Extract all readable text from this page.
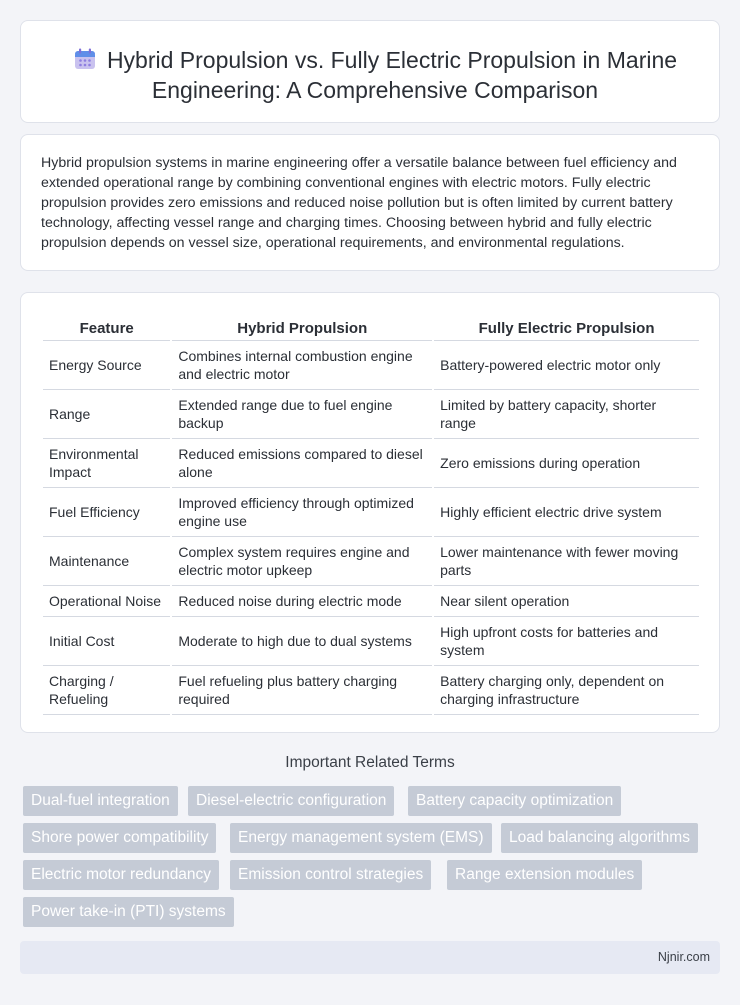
Hybrid Propulsion vs. Fully Electric Propulsion in Marine Engineering: A Comprehensive Comparison

Hybrid propulsion systems in marine engineering offer a versatile balance between fuel efficiency and extended operational range by combining conventional engines with electric motors. Fully electric propulsion provides zero emissions and reduced noise pollution but is often limited by current battery technology, affecting vessel range and charging times. Choosing between hybrid and fully electric propulsion depends on vessel size, operational requirements, and environmental regulations.

Feature	Hybrid Propulsion	Fully Electric Propulsion
Energy Source	Combines internal combustion engine and electric motor	Battery-powered electric motor only
Range	Extended range due to fuel engine backup	Limited by battery capacity, shorter range
Environmental Impact	Reduced emissions compared to diesel alone	Zero emissions during operation
Fuel Efficiency	Improved efficiency through optimized engine use	Highly efficient electric drive system
Maintenance	Complex system requires engine and electric motor upkeep	Lower maintenance with fewer moving parts
Operational Noise	Reduced noise during electric mode	Near silent operation
Initial Cost	Moderate to high due to dual systems	High upfront costs for batteries and system
Charging / Refueling	Fuel refueling plus battery charging required	Battery charging only, dependent on charging infrastructure
Important Related Terms
Dual-fuel integration	Diesel-electric configuration	Battery capacity optimization
Shore power compatibility	Energy management system (EMS)	Load balancing algorithms
Electric motor redundancy	Emission control strategies	Range extension modules
Power take-in (PTI) systems
Njnir.com
